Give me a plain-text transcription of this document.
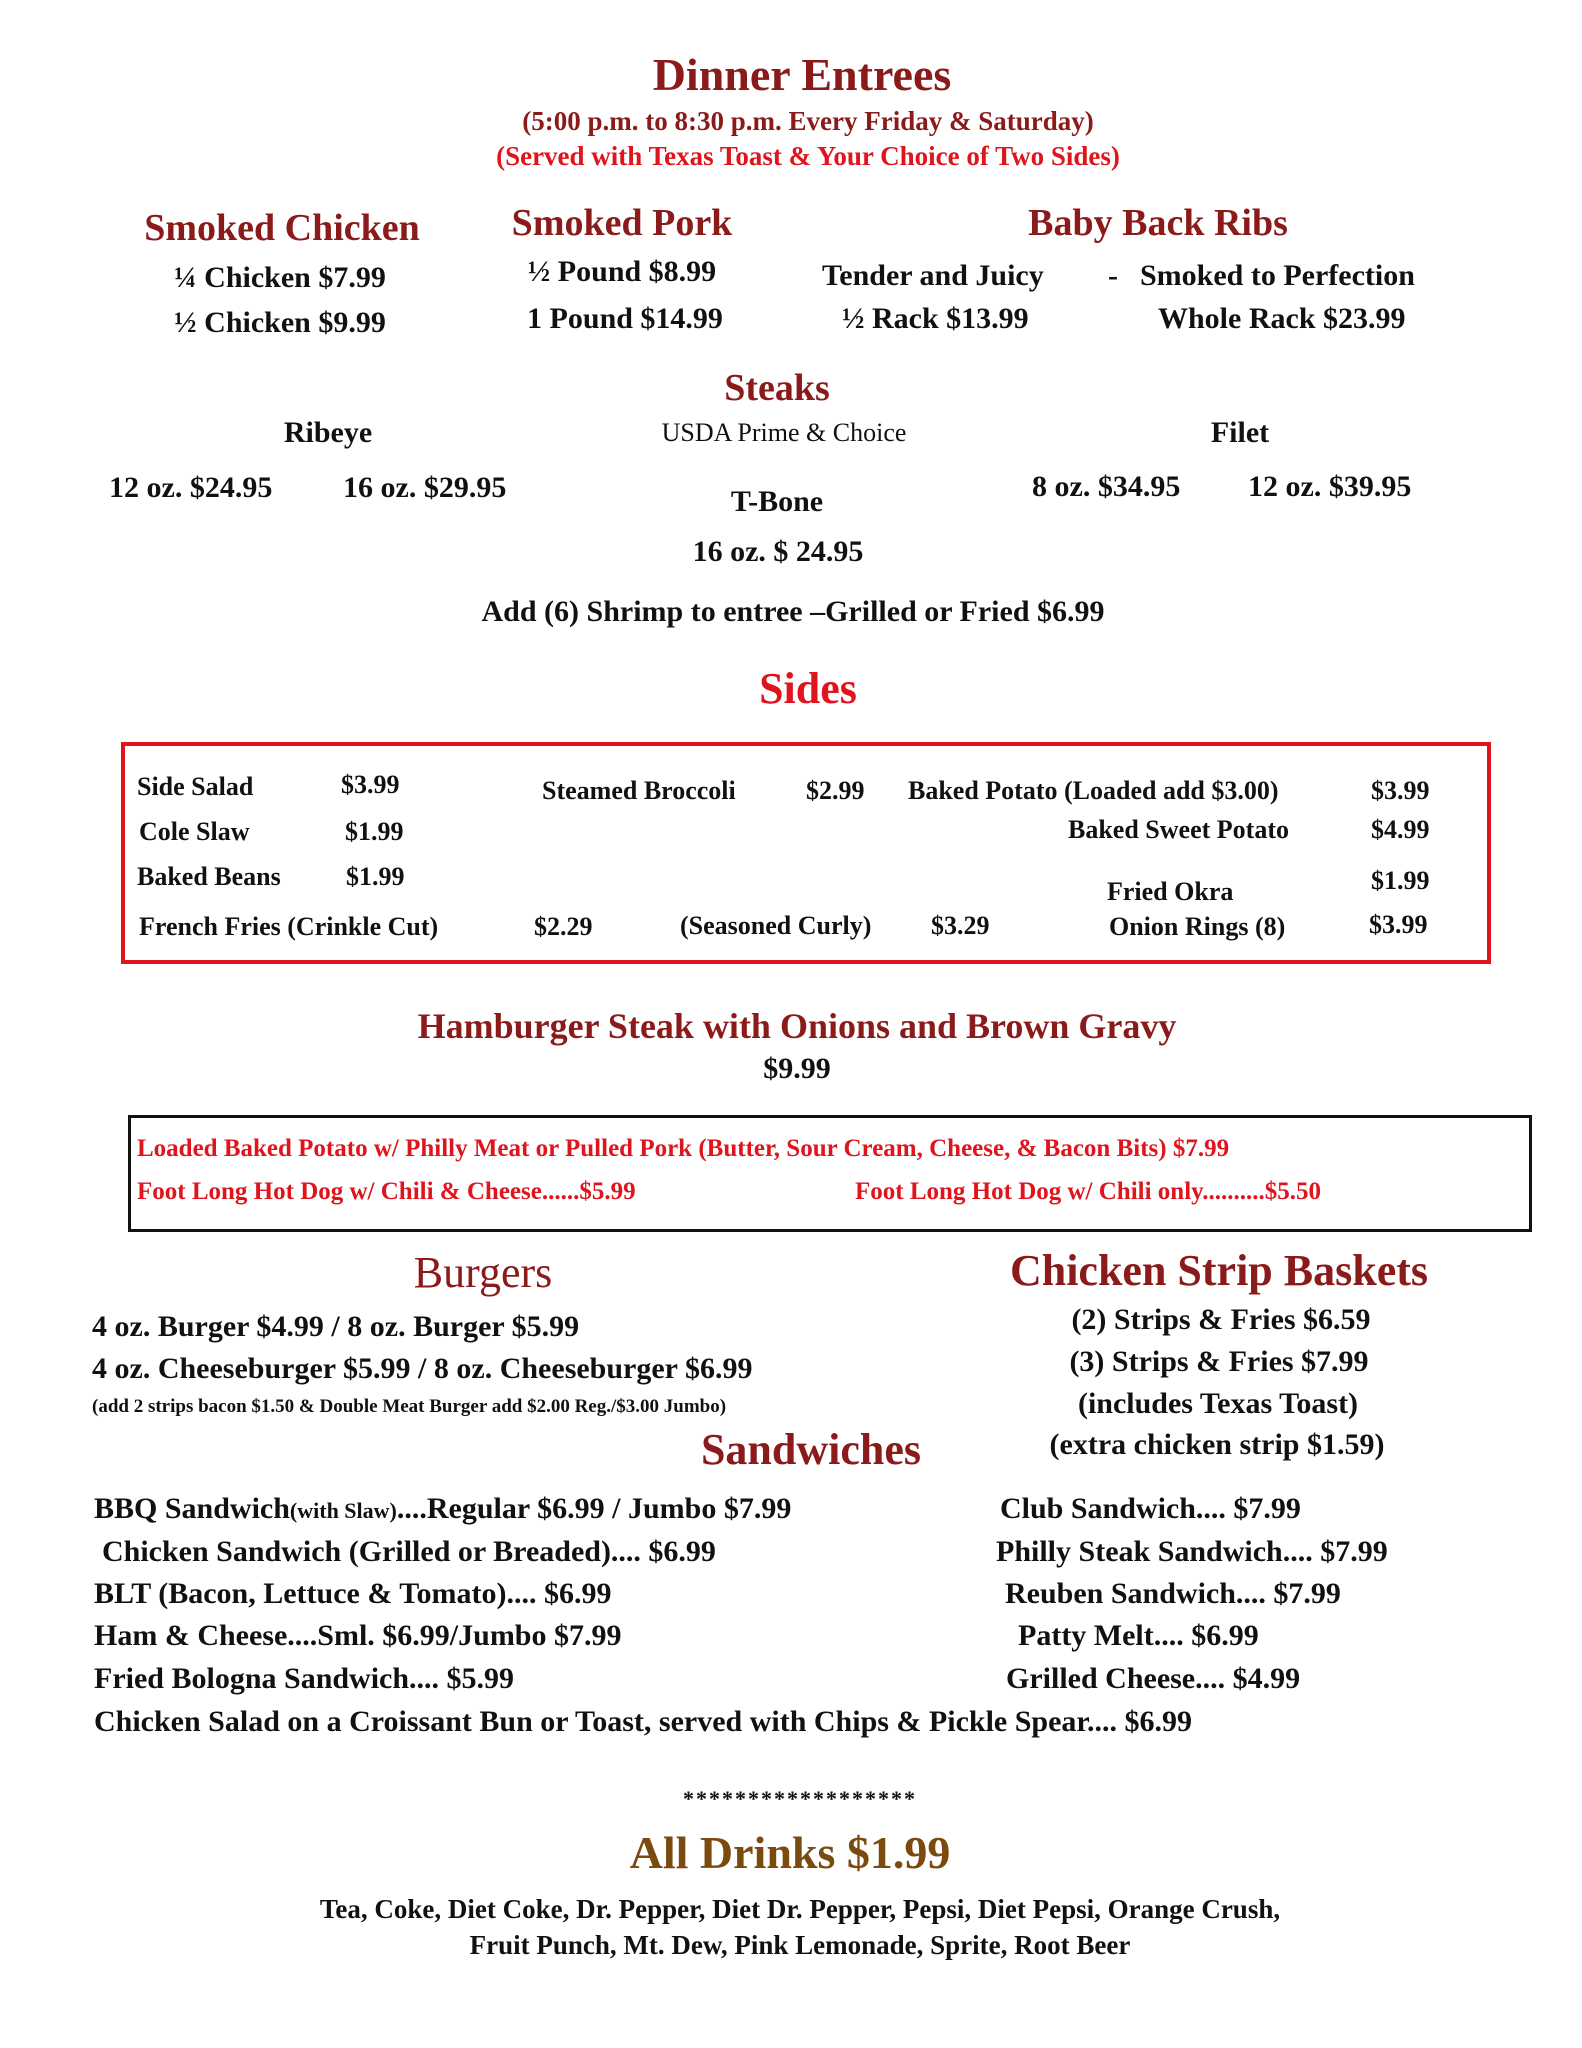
Dinner Entrees
(5:00 p.m. to 8:30 p.m. Every Friday & Saturday)
(Served with Texas Toast & Your Choice of Two Sides)
Smoked Chicken
¼ Chicken $7.99
½ Chicken $9.99
Smoked Pork
½ Pound $8.99
1 Pound $14.99
Baby Back Ribs
Tender and Juicy - Smoked to Perfection
½ Rack $13.99	Whole Rack $23.99
Steaks
USDA Prime & Choice
Ribeye
12 oz. $24.95 16 oz. $29.95	T-Bone
16 oz. $ 24.95
Filet
8 oz. $34.95 12 oz. $39.95
Add (6) Shrimp to entree –Grilled or Fried $6.99
Sides
Side Salad	$3.99
Cole Slaw	$1.99
Baked Beans	$1.99
French Fries (Crinkle Cut)	$2.29
Steamed Broccoli	$2.99
(Seasoned Curly) $3.29
Baked Potato (Loaded add $3.00)	$3.99
Baked Sweet Potato	$4.99
Fried Okra	$1.99
Onion Rings (8)	$3.99
Hamburger Steak with Onions and Brown Gravy
$9.99
Loaded Baked Potato w/ Philly Meat or Pulled Pork (Butter, Sour Cream, Cheese, & Bacon Bits) $7.99
Foot Long Hot Dog w/ Chili & Cheese......$5.99	Foot Long Hot Dog w/ Chili only..........$5.50
Burgers
4 oz. Burger $4.99 / 8 oz. Burger $5.99
4 oz. Cheeseburger $5.99 / 8 oz. Cheeseburger $6.99
(add 2 strips bacon $1.50 & Double Meat Burger add $2.00 Reg./$3.00 Jumbo)
Chicken Strip Baskets
(2) Strips & Fries $6.59
(3) Strips & Fries $7.99
(includes Texas Toast)
(extra chicken strip $1.59)
Sandwiches
BBQ Sandwich(with Slaw)....Regular $6.99 / Jumbo $7.99
Chicken Sandwich (Grilled or Breaded).... $6.99
BLT (Bacon, Lettuce & Tomato).... $6.99
Ham & Cheese....Sml. $6.99/Jumbo $7.99
Fried Bologna Sandwich.... $5.99
Chicken Salad on a Croissant Bun or Toast, served with Chips & Pickle Spear.... $6.99
Club Sandwich.... $7.99
Philly Steak Sandwich.... $7.99
Reuben Sandwich.... $7.99
Patty Melt.... $6.99
Grilled Cheese.... $4.99
******************
All Drinks $1.99
Tea, Coke, Diet Coke, Dr. Pepper, Diet Dr. Pepper, Pepsi, Diet Pepsi, Orange Crush,
Fruit Punch, Mt. Dew, Pink Lemonade, Sprite, Root Beer
